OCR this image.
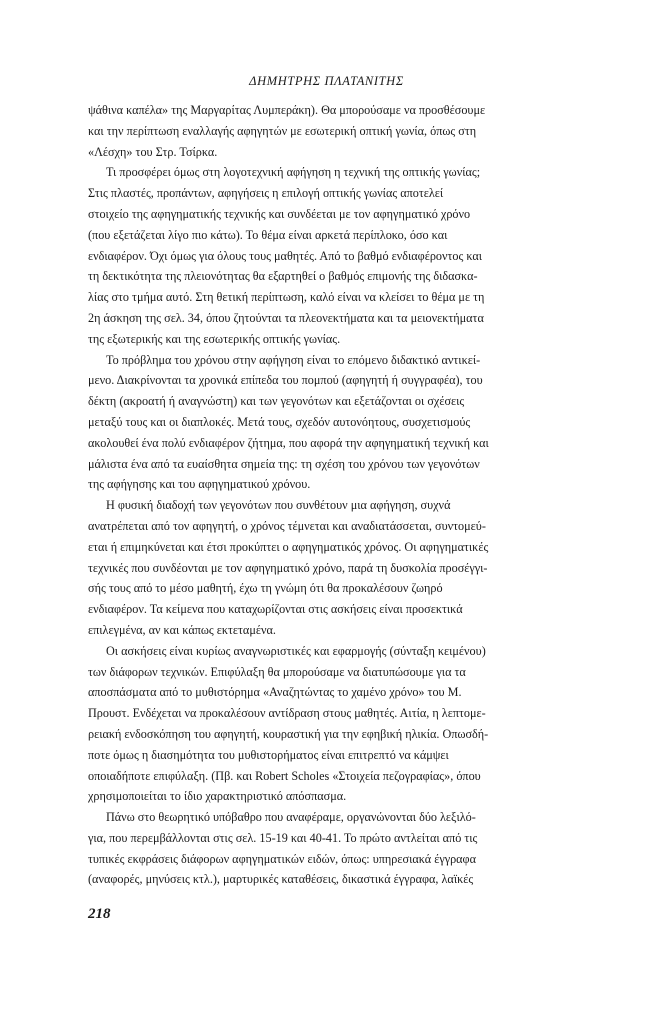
ΔΗΜΗΤΡΗΣ ΠΛΑΤΑΝΙΤΗΣ

ψάθινα καπέλα» της Μαργαρίτας Λυμπεράκη). Θα μπορούσαμε να προσθέσουμε
και την περίπτωση εναλλαγής αφηγητών με εσωτερική οπτική γωνία, όπως στη
«Λέσχη» του Στρ. Τσίρκα.

Τι προσφέρει όμως στη λογοτεχνική αφήγηση η τεχνική της οπτικής γωνίας;
Στις πλαστές, προπάντων, αφηγήσεις η επιλογή οπτικής γωνίας αποτελεί
στοιχείο της αφηγηματικής τεχνικής και συνδέεται με τον αφηγηματικό χρόνο
(που εξετάζεται λίγο πιο κάτω). Το θέμα είναι αρκετά περίπλοκο, όσο και
ενδιαφέρον. Όχι όμως για όλους τους μαθητές. Από το βαθμό ενδιαφέροντος και
τη δεκτικότητα της πλειονότητας θα εξαρτηθεί ο βαθμός επιμονής της διδασκα-
λίας στο τμήμα αυτό. Στη θετική περίπτωση, καλό είναι να κλείσει το θέμα με τη
2η άσκηση της σελ. 34, όπου ζητούνται τα πλεονεκτήματα και τα μειονεκτήματα
της εξωτερικής και της εσωτερικής οπτικής γωνίας.

Το πρόβλημα του χρόνου στην αφήγηση είναι το επόμενο διδακτικό αντικεί-
μενο. Διακρίνονται τα χρονικά επίπεδα του πομπού (αφηγητή ή συγγραφέα), του
δέκτη (ακροατή ή αναγνώστη) και των γεγονότων και εξετάζονται οι σχέσεις
μεταξύ τους και οι διαπλοκές. Μετά τους, σχεδόν αυτονόητους, συσχετισμούς
ακολουθεί ένα πολύ ενδιαφέρον ζήτημα, που αφορά την αφηγηματική τεχνική και
μάλιστα ένα από τα ευαίσθητα σημεία της: τη σχέση του χρόνου των γεγονότων
της αφήγησης και του αφηγηματικού χρόνου.

Η φυσική διαδοχή των γεγονότων που συνθέτουν μια αφήγηση, συχνά
ανατρέπεται από τον αφηγητή, ο χρόνος τέμνεται και αναδιατάσσεται, συντομεύ-
εται ή επιμηκύνεται και έτσι προκύπτει ο αφηγηματικός χρόνος. Οι αφηγηματικές
τεχνικές που συνδέονται με τον αφηγηματικό χρόνο, παρά τη δυσκολία προσέγγι-
σής τους από το μέσο μαθητή, έχω τη γνώμη ότι θα προκαλέσουν ζωηρό
ενδιαφέρον. Τα κείμενα που καταχωρίζονται στις ασκήσεις είναι προσεκτικά
επιλεγμένα, αν και κάπως εκτεταμένα.

Οι ασκήσεις είναι κυρίως αναγνωριστικές και εφαρμογής (σύνταξη κειμένου)
των διάφορων τεχνικών. Επιφύλαξη θα μπορούσαμε να διατυπώσουμε για τα
αποσπάσματα από το μυθιστόρημα «Αναζητώντας το χαμένο χρόνο» του Μ.
Προυστ. Ενδέχεται να προκαλέσουν αντίδραση στους μαθητές. Αιτία, η λεπτομε-
ρειακή ενδοσκόπηση του αφηγητή, κουραστική για την εφηβική ηλικία. Οπωσδή-
ποτε όμως η διασημότητα του μυθιστορήματος είναι επιτρεπτό να κάμψει
οποιαδήποτε επιφύλαξη. (Πβ. και Robert Scholes «Στοιχεία πεζογραφίας», όπου
χρησιμοποιείται το ίδιο χαρακτηριστικό απόσπασμα.

Πάνω στο θεωρητικό υπόβαθρο που αναφέραμε, οργανώνονται δύο λεξιλό-
για, που περεμβάλλονται στις σελ. 15-19 και 40-41. Το πρώτο αντλείται από τις
τυπικές εκφράσεις διάφορων αφηγηματικών ειδών, όπως: υπηρεσιακά έγγραφα
(αναφορές, μηνύσεις κτλ.), μαρτυρικές καταθέσεις, δικαστικά έγγραφα, λαϊκές

218
